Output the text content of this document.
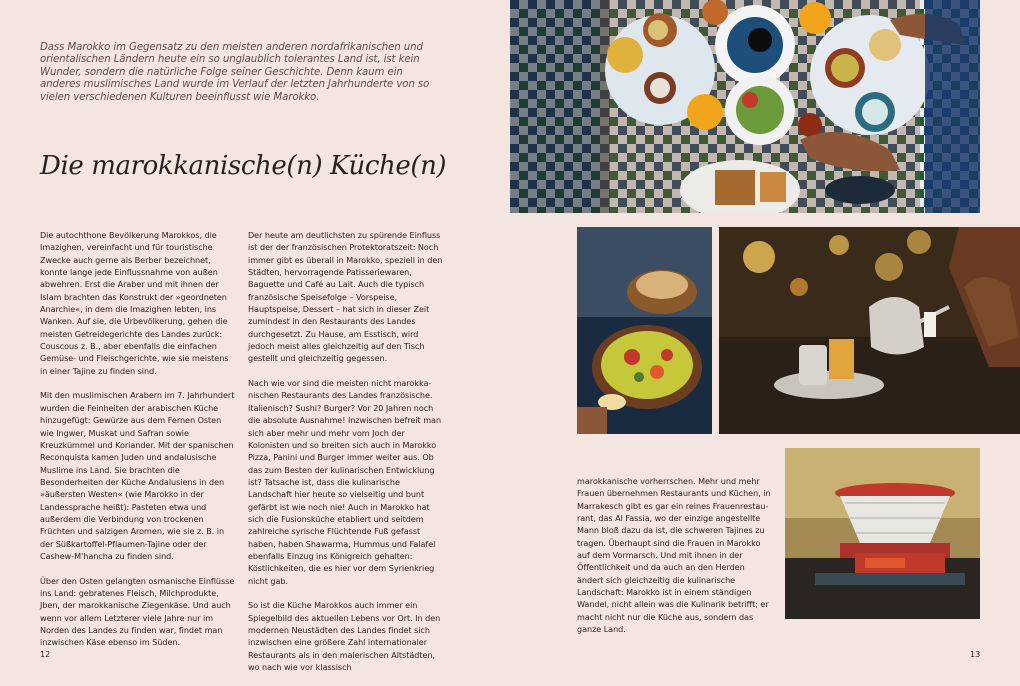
Dass Marokko im Gegensatz zu den meisten anderen nordafrikanischen und orientalischen Ländern heute ein so unglaublich tolerantes Land ist, ist kein Wunder, sondern die natürliche Folge seiner Geschichte. Denn kaum ein anderes muslimisches Land wurde im Verlauf der letzten Jahrhunderte von so vielen verschiedenen Kulturen beeinflusst wie Marokko.
Die marokkanische(n) Küche(n)

Die autochthone Bevölkerung Marokkos, die Imazighen, vereinfacht und für touristische Zwecke auch gerne als Berber bezeichnet, konnte lange jede Einflussnahme von außen abwehren. Erst die Araber und mit ihnen der Islam brachten das Konstrukt der »geordneten Anarchie«, in dem die Imazighen lebten, ins Wanken. Auf sie, die Urbevölkerung, gehen die meisten Getreidegerichte des Landes zurück: Couscous z. B., aber ebenfalls die einfachen Gemüse- und Fleischgerichte, wie sie meistens in einer Tajine zu finden sind.

Mit den muslimischen Arabern im 7. Jahrhundert wurden die Feinheiten der arabischen Küche hinzugefügt: Gewürze aus dem Fernen Osten wie Ingwer, Muskat und Safran sowie Kreuzkümmel und Koriander. Mit der spanischen Reconquista kamen Juden und andalusische Muslime ins Land. Sie brachten die Besonderheiten der Küche Andalusiens in den »äußersten Westen« (wie Marokko in der Landessprache heißt): Pasteten etwa und außerdem die Verbindung von trockenen Früchten und salzigen Aromen, wie sie z. B. in der Süßkartoffel-Pflaumen-Tajine oder der Cashew-M'hancha zu finden sind.

Über den Osten gelangten osmanische Einflüsse ins Land: gebratenes Fleisch, Milchprodukte, Jben, der marokkanische Ziegenkäse. Und auch wenn vor allem Letzterer viele Jahre nur im Norden des Landes zu finden war, findet man inzwischen Käse ebenso im Süden.

Der heute am deutlichsten zu spürende Einfluss ist der der französischen Protektoratszeit: Noch immer gibt es überall in Marokko, speziell in den Städten, hervorragende Patisseriewaren, Baguette und Café au Lait. Auch die typisch französische Speisefolge – Vorspeise, Hauptspeise, Dessert – hat sich in dieser Zeit zumindest in den Restaurants des Landes durchgesetzt. Zu Hause, am Esstisch, wird jedoch meist alles gleichzeitig auf den Tisch gestellt und gleichzeitig gegessen.

Nach wie vor sind die meisten nicht marokkanischen Restaurants des Landes französische. Italienisch? Sushi? Burger? Vor 20 Jahren noch die absolute Ausnahme! Inzwischen befreit man sich aber mehr und mehr vom Joch der Kolonisten und so breiten sich auch in Marokko Pizza, Panini und Burger immer weiter aus. Ob das zum Besten der kulinarischen Entwicklung ist? Tatsache ist, dass die kulinarische Landschaft hier heute so vielseitig und bunt gefärbt ist wie noch nie! Auch in Marokko hat sich die Fusionsküche etabliert und seitdem zahlreiche syrische Flüchtende Fuß gefasst haben, haben Shawarma, Hummus und Falafel ebenfalls Einzug ins Königreich gehalten: Köstlichkeiten, die es hier vor dem Syrienkrieg nicht gab.

So ist die Küche Marokkos auch immer ein Spiegelbild des aktuellen Lebens vor Ort. In den modernen Neustädten des Landes findet sich inzwischen eine größere Zahl internationaler Restaurants als in den malerischen Altstädten, wo nach wie vor klassisch

marokkanische vorherrschen. Mehr und mehr Frauen übernehmen Restaurants und Küchen, in Marrakesch gibt es gar ein reines Frauenrestaurant, das Al Fassia, wo der einzige angestellte Mann bloß dazu da ist, die schweren Tajines zu tragen. Überhaupt sind die Frauen in Marokko auf dem Vormarsch. Und mit ihnen in der Öffentlichkeit und da auch an den Herden ändert sich gleichzeitig die kulinarische Landschaft: Marokko ist in einem ständigen Wandel, nicht allein was die Kulinarik betrifft; er macht nicht nur die Küche aus, sondern das ganze Land.

12	13
